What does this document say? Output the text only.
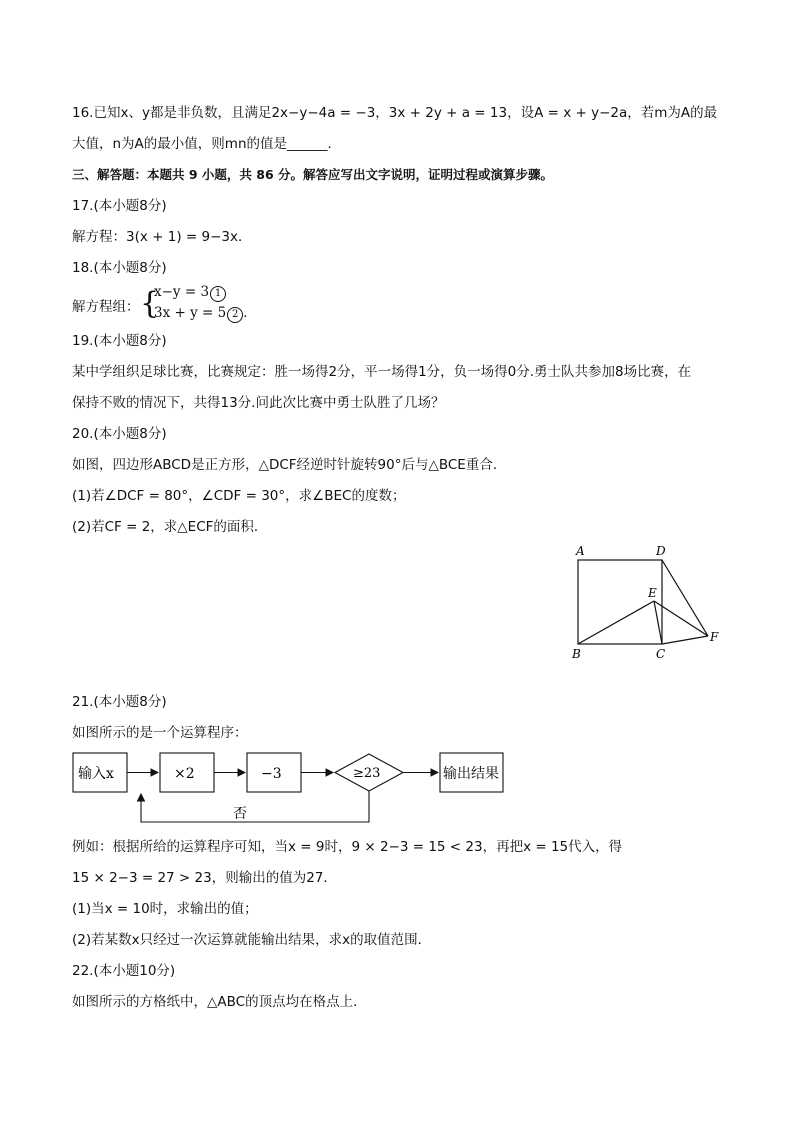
16.已知x、y都是非负数，且满足2x−y−4a = −3，3x + 2y + a = 13，设A = x + y−2a，若m为A的最
大值，n为A的最小值，则mn的值是______．
三、解答题：本题共 9 小题，共 86 分。解答应写出文字说明，证明过程或演算步骤。
17.(本小题8分)
解方程：3(x + 1) = 9−3x．
18.(本小题8分)
解方程组： {
x−y = 3 1
3x + y = 5 2 ．
19.(本小题8分)
某中学组织足球比赛，比赛规定：胜一场得2分，平一场得1分，负一场得0分.勇士队共参加8场比赛，在
保持不败的情况下，共得13分.问此次比赛中勇士队胜了几场？
20.(本小题8分)
如图，四边形ABCD是正方形，△DCF经逆时针旋转90°后与△BCE重合．
(1)若∠DCF = 80°，∠CDF = 30°，求∠BEC的度数；
(2)若CF = 2，求△ECF的面积．
A	D
E
F
B	C
21.(本小题8分)
如图所示的是一个运算程序：
输入x	×2	−3	≥23	输出结果
否
例如：根据所给的运算程序可知，当x = 9时，9 × 2−3 = 15 < 23，再把x = 15代入，得
15 × 2−3 = 27 > 23，则输出的值为27．
(1)当x = 10时，求输出的值；
(2)若某数x只经过一次运算就能输出结果，求x的取值范围．
22.(本小题10分)
如图所示的方格纸中，△ABC的顶点均在格点上．
